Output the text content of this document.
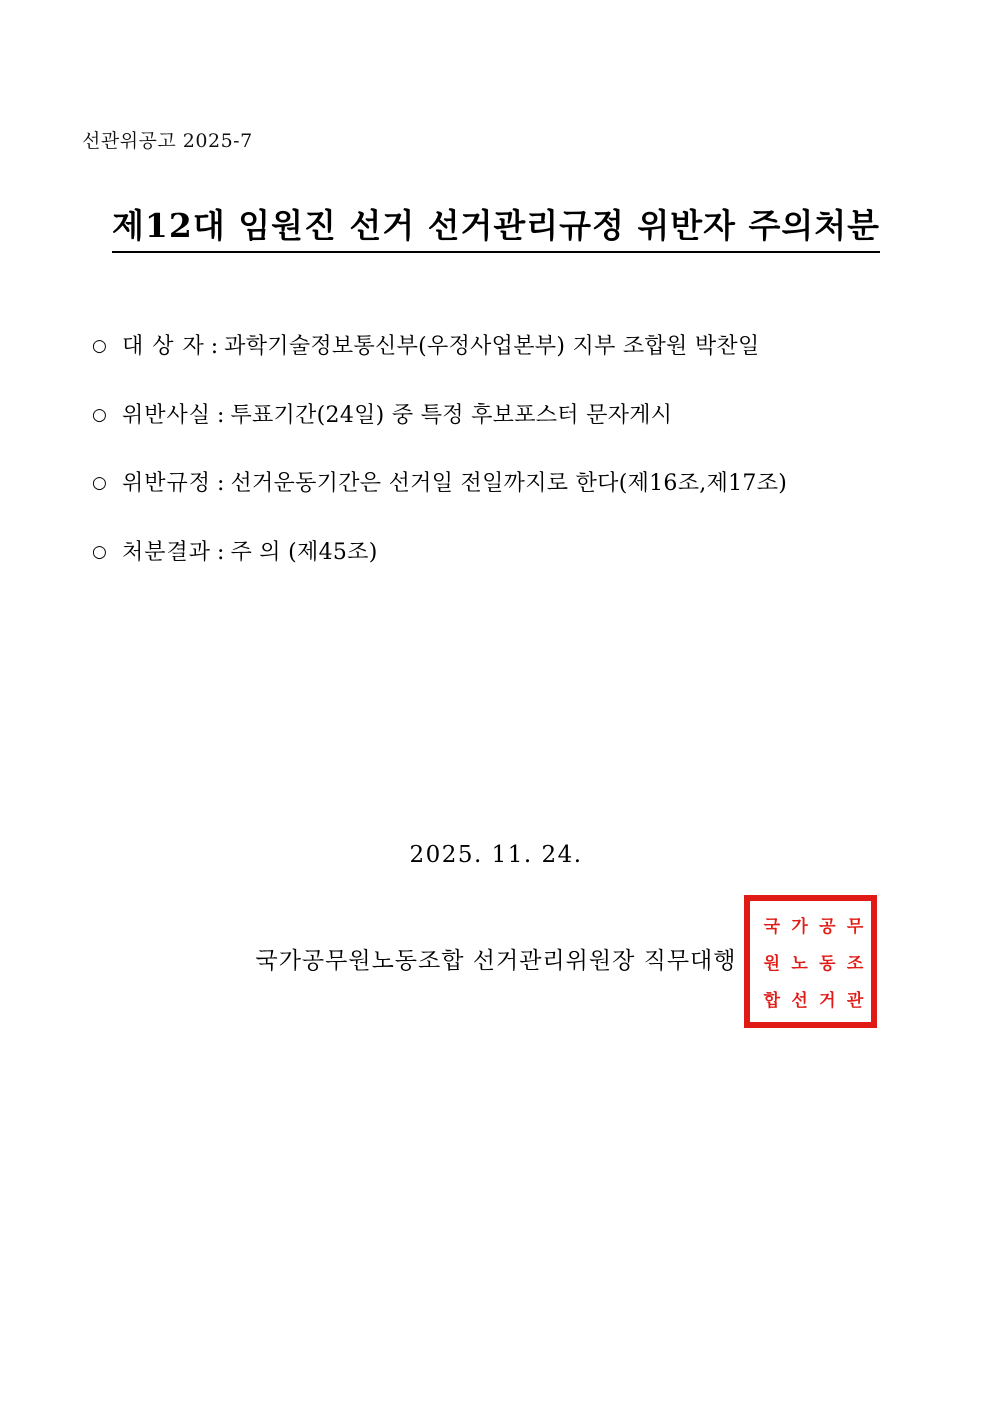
선관위공고 2025-7
제12대 임원진 선거 선거관리규정 위반자 주의처분
○ 대 상 자 : 과학기술정보통신부(우정사업본부) 지부 조합원 박찬일
○ 위반사실 : 투표기간(24일) 중 특정 후보포스터 문자게시
○ 위반규정 : 선거운동기간은 선거일 전일까지로 한다(제16조,제17조)
○ 처분결과 : 주 의 (제45조)
2025. 11. 24.
국가공무원노동조합 선거관리위원장 직무대행
국 가 공 무
원 노 동 조
합 선 거 관
